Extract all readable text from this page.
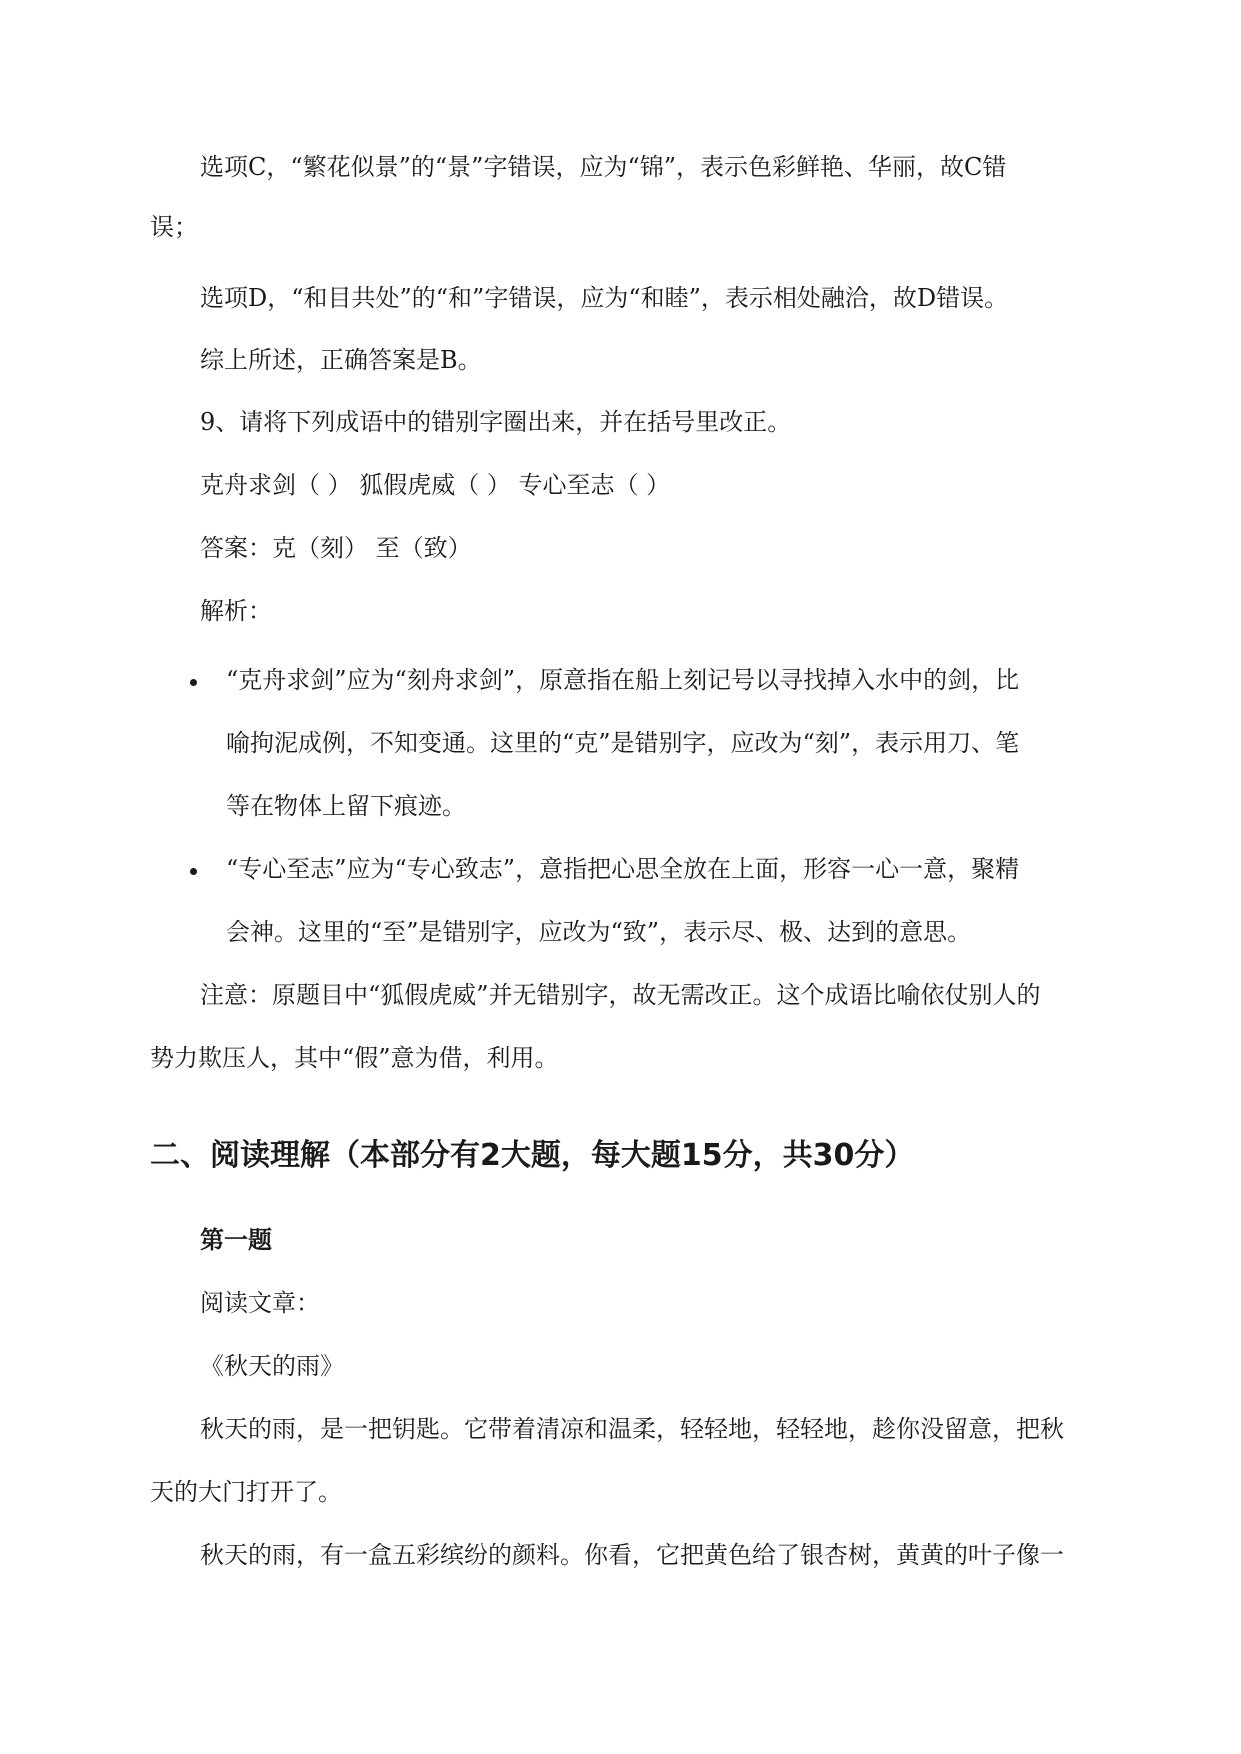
选项C，“繁花似景”的“景”字错误，应为“锦”，表示色彩鲜艳、华丽，故C错
误；
选项D，“和目共处”的“和”字错误，应为“和睦”，表示相处融洽，故D错误。
综上所述，正确答案是B。
9、请将下列成语中的错别字圈出来，并在括号里改正。
克舟求剑（ ） 狐假虎威（ ） 专心至志（ ）
答案：克（刻） 至（致）
解析：
“克舟求剑”应为“刻舟求剑”，原意指在船上刻记号以寻找掉入水中的剑，比
喻拘泥成例，不知变通。这里的“克”是错别字，应改为“刻”，表示用刀、笔
等在物体上留下痕迹。
“专心至志”应为“专心致志”，意指把心思全放在上面，形容一心一意，聚精
会神。这里的“至”是错别字，应改为“致”，表示尽、极、达到的意思。
注意：原题目中“狐假虎威”并无错别字，故无需改正。这个成语比喻依仗别人的
势力欺压人，其中“假”意为借，利用。
二、阅读理解（本部分有2大题，每大题15分，共30分）
第一题
阅读文章：
《秋天的雨》
秋天的雨，是一把钥匙。它带着清凉和温柔，轻轻地，轻轻地，趁你没留意，把秋
天的大门打开了。
秋天的雨，有一盒五彩缤纷的颜料。你看，它把黄色给了银杏树，黄黄的叶子像一
